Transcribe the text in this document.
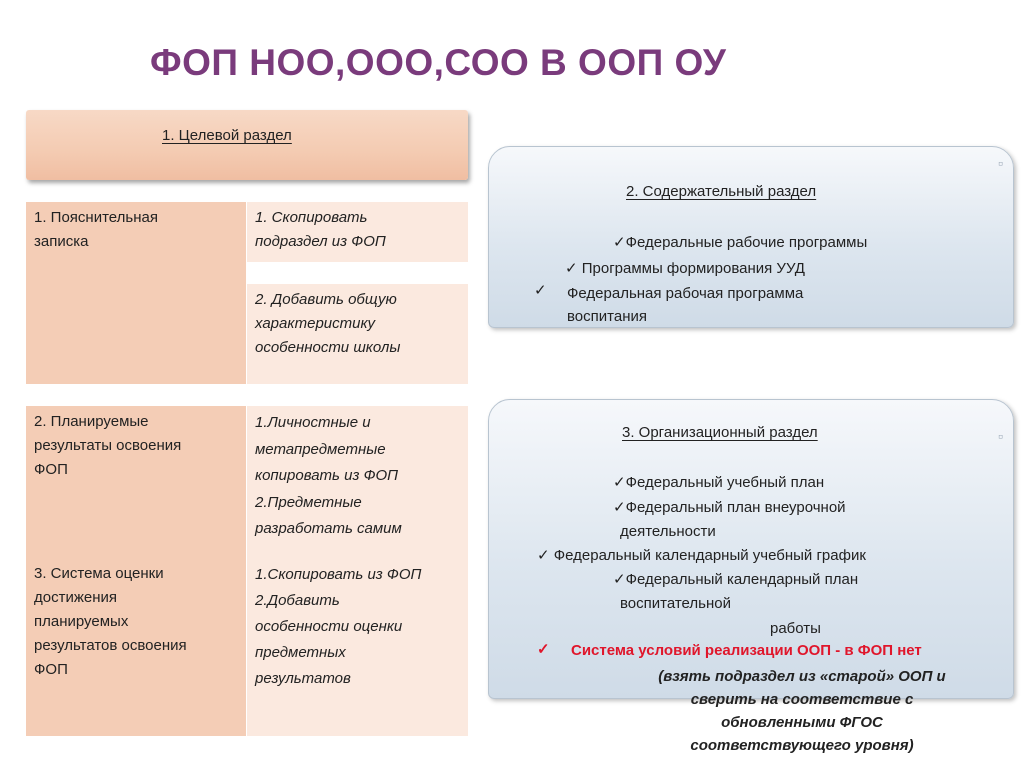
ФОП НОО,ООО,СОО В ООП ОУ
1. Целевой раздел
1. Пояснительная
записка
1. Скопировать
подраздел из ФОП
2. Добавить общую
характеристику
особенности школы
2. Планируемые
результаты освоения
ФОП
3. Система оценки
достижения
планируемых
результатов освоения
ФОП
1.Личностные и
метапредметные
копировать из ФОП
2.Предметные
разработать самим
1.Скопировать из ФОП
2.Добавить
особенности оценки
предметных
результатов
2. Содержательный раздел
✓Федеральные рабочие программы
✓ Программы формирования УУД
✓ Федеральная рабочая программа
воспитания
▫
3. Организационный раздел
✓Федеральный учебный план
✓Федеральный план внеурочной
деятельности
✓ Федеральный календарный учебный график
✓Федеральный календарный план
воспитательной
работы
✓ Система условий реализации ООП - в ФОП нет
▫
(взять подраздел из «старой» ООП и
сверить на соответствие с
обновленными ФГОС
соответствующего уровня)
